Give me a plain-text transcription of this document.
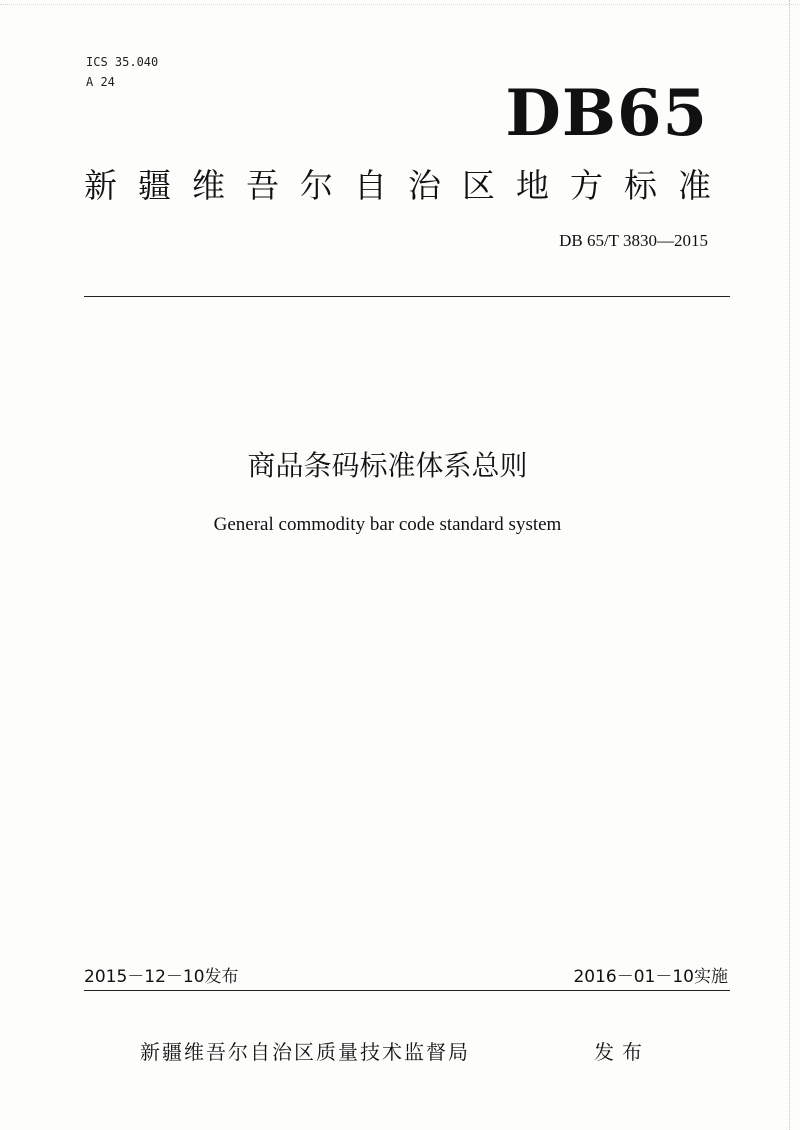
ICS 35.040
A 24	DB65
新疆维吾尔自治区地方标准
DB 65/T 3830—2015
商品条码标准体系总则
General commodity bar code standard system
2015－12－10发布	2016－01－10实施
新疆维吾尔自治区质量技术监督局	发布
